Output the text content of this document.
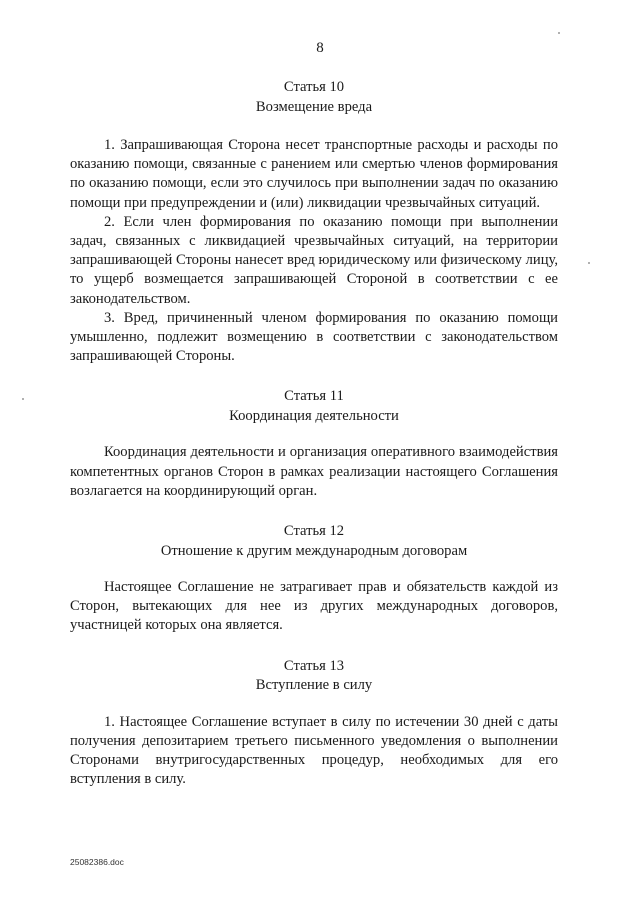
8
Статья 10
Возмещение вреда

1. Запрашивающая Сторона несет транспортные расходы и расходы по оказанию помощи, связанные с ранением или смертью членов формирования по оказанию помощи, если это случилось при выполнении задач по оказанию помощи при предупреждении и (или) ликвидации чрезвычайных ситуаций.

2. Если член формирования по оказанию помощи при выполнении задач, связанных с ликвидацией чрезвычайных ситуаций, на территории запрашивающей Стороны нанесет вред юридическому или физическому лицу, то ущерб возмещается запрашивающей Стороной в соответствии с ее законодательством.

3. Вред, причиненный членом формирования по оказанию помощи умышленно, подлежит возмещению в соответствии с законодательством запрашивающей Стороны.

Статья 11
Координация деятельности

Координация деятельности и организация оперативного взаимодействия компетентных органов Сторон в рамках реализации настоящего Соглашения возлагается на координирующий орган.

Статья 12
Отношение к другим международным договорам

Настоящее Соглашение не затрагивает прав и обязательств каждой из Сторон, вытекающих для нее из других международных договоров, участницей которых она является.

Статья 13
Вступление в силу

1. Настоящее Соглашение вступает в силу по истечении 30 дней с даты получения депозитарием третьего письменного уведомления о выполнении Сторонами внутригосударственных процедур, необходимых для его вступления в силу.

25082386.doc
